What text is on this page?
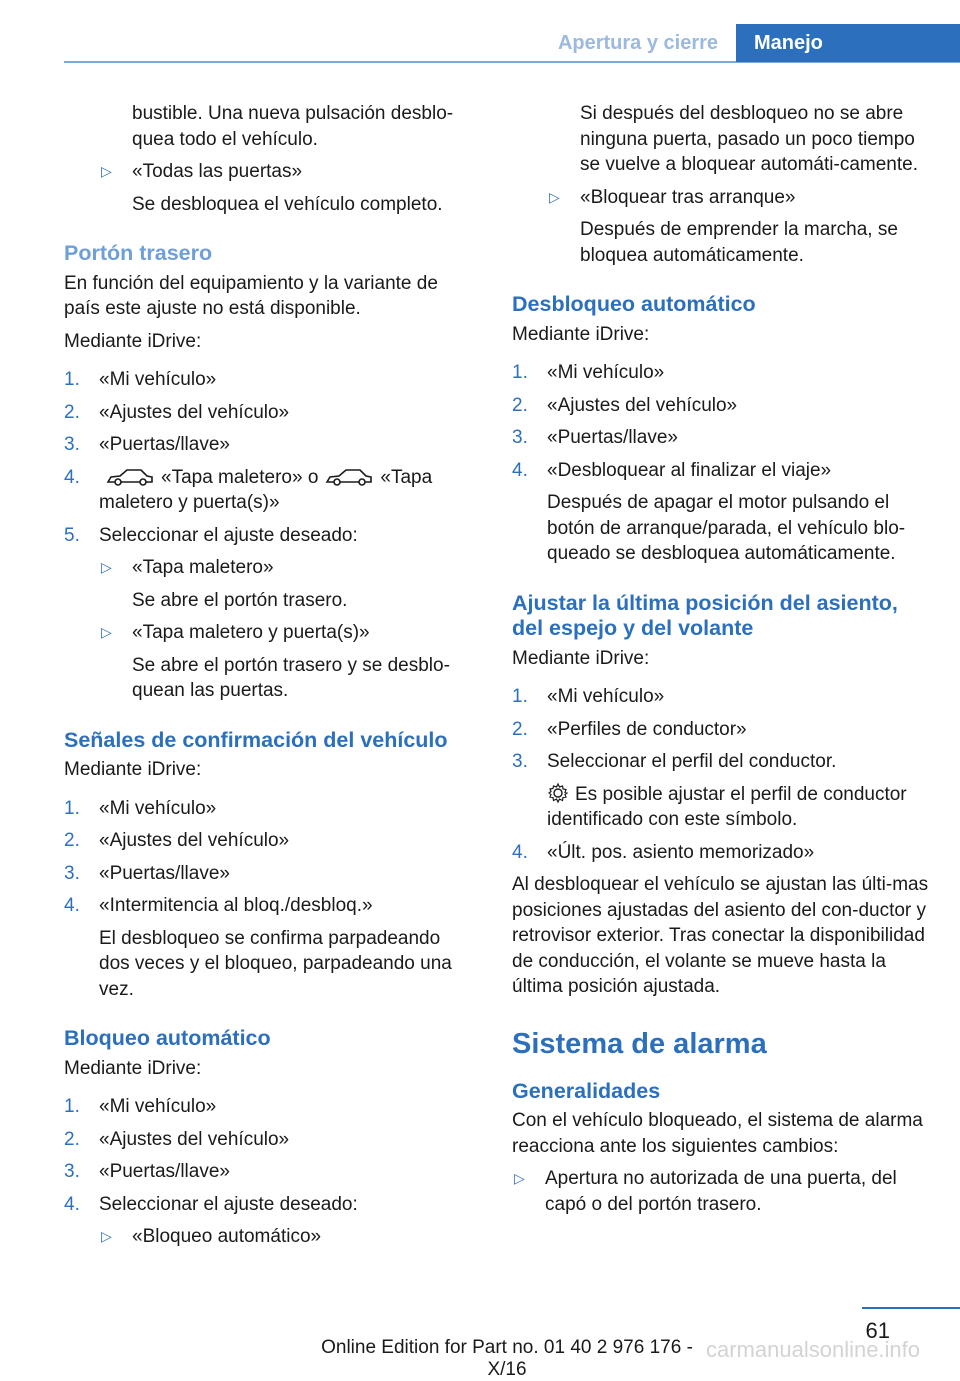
Apertura y cierre	Manejo

bustible. Una nueva pulsación desblo‐quea todo el vehículo.

▷ «Todas las puertas»

Se desbloquea el vehículo completo.

Portón trasero

En función del equipamiento y la variante de país este ajuste no está disponible.

Mediante iDrive:

1. «Mi vehículo»
2. «Ajustes del vehículo»
3. «Puertas/llave»
4.	«Tapa maletero» o	«Tapa maletero y puerta(s)»
5. Seleccionar el ajuste deseado:
▷ «Tapa maletero»

Se abre el portón trasero.

▷ «Tapa maletero y puerta(s)»

Se abre el portón trasero y se desblo‐quean las puertas.

Señales de confirmación del vehículo

Mediante iDrive:

1. «Mi vehículo»
2. «Ajustes del vehículo»
3. «Puertas/llave»
4. «Intermitencia al bloq./desbloq.»

El desbloqueo se confirma parpadeando dos veces y el bloqueo, parpadeando una vez.

Bloqueo automático

Mediante iDrive:

1. «Mi vehículo»
2. «Ajustes del vehículo»
3. «Puertas/llave»
4. Seleccionar el ajuste deseado:
▷ «Bloqueo automático»

Si después del desbloqueo no se abre ninguna puerta, pasado un poco tiempo se vuelve a bloquear automáti‐camente.

▷ «Bloquear tras arranque»

Después de emprender la marcha, se bloquea automáticamente.

Desbloqueo automático

Mediante iDrive:

1. «Mi vehículo»
2. «Ajustes del vehículo»
3. «Puertas/llave»
4. «Desbloquear al finalizar el viaje»

Después de apagar el motor pulsando el botón de arranque/parada, el vehículo blo‐queado se desbloquea automáticamente.

Ajustar la última posición del asiento, del espejo y del volante

Mediante iDrive:

1. «Mi vehículo»
2. «Perfiles de conductor»
3. Seleccionar el perfil del conductor.

Es posible ajustar el perfil de conductor identificado con este símbolo.

4. «Últ. pos. asiento memorizado»

Al desbloquear el vehículo se ajustan las últi‐mas posiciones ajustadas del asiento del con‐ductor y retrovisor exterior. Tras conectar la disponibilidad de conducción, el volante se mueve hasta la última posición ajustada.

Sistema de alarma
Generalidades

Con el vehículo bloqueado, el sistema de alarma reacciona ante los siguientes cambios:

▷ Apertura no autorizada de una puerta, del capó o del portón trasero.
61
Online Edition for Part no. 01 40 2 976 176 - X/16
carmanualsonline.info
